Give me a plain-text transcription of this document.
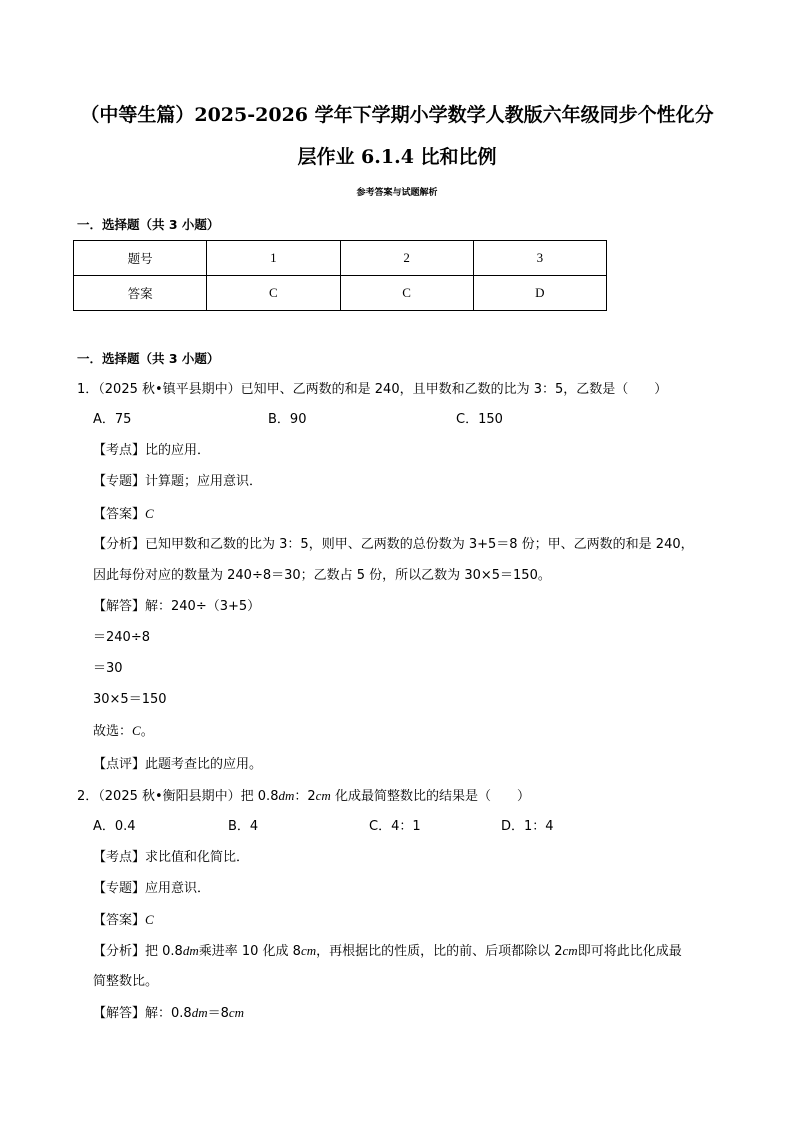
（中等生篇）2025-2026 学年下学期小学数学人教版六年级同步个性化分
层作业 6.1.4 比和比例
参考答案与试题解析
一．选择题（共 3 小题）
题号	1	2	3
答案	C	C	D
一．选择题（共 3 小题）
1．（2025 秋•镇平县期中）已知甲、乙两数的和是 240，且甲数和乙数的比为 3：5，乙数是（　　）
A．75	B．90	C．150
【考点】比的应用．
【专题】计算题；应用意识．
【答案】C
【分析】已知甲数和乙数的比为 3：5，则甲、乙两数的总份数为 3+5＝8 份；甲、乙两数的和是 240，
因此每份对应的数量为 240÷8＝30；乙数占 5 份，所以乙数为 30×5＝150。
【解答】解：240÷（3+5）
＝240÷8
＝30
30×5＝150
故选：C。
【点评】此题考查比的应用。
2．（2025 秋•衡阳县期中）把 0.8dm：2cm 化成最简整数比的结果是（　　）
A．0.4	B．4	C．4：1	D．1：4
【考点】求比值和化简比．
【专题】应用意识．
【答案】C
【分析】把 0.8dm乘进率 10 化成 8cm，再根据比的性质，比的前、后项都除以 2cm即可将此比化成最
简整数比。
【解答】解：0.8dm＝8cm
